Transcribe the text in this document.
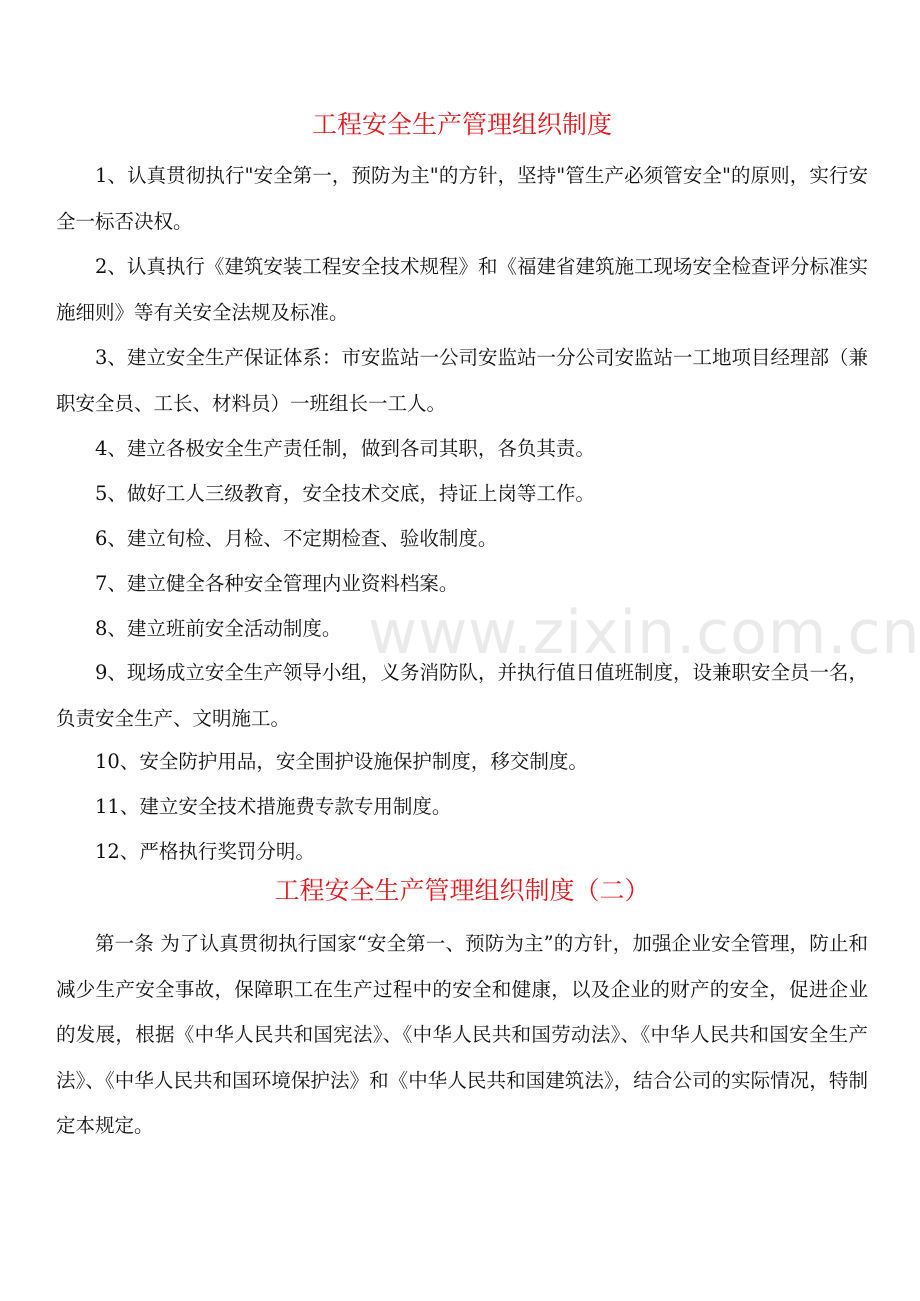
工程安全生产管理组织制度

1、认真贯彻执行"安全第一，预防为主"的方针，坚持"管生产必须管安全"的原则，实行安全一标否决权。

2、认真执行《建筑安装工程安全技术规程》和《福建省建筑施工现场安全检查评分标准实施细则》等有关安全法规及标准。

3、建立安全生产保证体系：市安监站一公司安监站一分公司安监站一工地项目经理部（兼职安全员、工长、材料员）一班组长一工人。

4、建立各极安全生产责任制，做到各司其职，各负其责。

5、做好工人三级教育，安全技术交底，持证上岗等工作。

6、建立旬检、月检、不定期检查、验收制度。

7、建立健全各种安全管理内业资料档案。

8、建立班前安全活动制度。

9、现场成立安全生产领导小组，义务消防队，并执行值日值班制度，设兼职安全员一名，负责安全生产、文明施工。

10、安全防护用品，安全围护设施保护制度，移交制度。

11、建立安全技术措施费专款专用制度。

12、严格执行奖罚分明。

工程安全生产管理组织制度（二）

第一条 为了认真贯彻执行国家“安全第一、预防为主”的方针，加强企业安全管理，防止和减少生产安全事故，保障职工在生产过程中的安全和健康，以及企业的财产的安全，促进企业的发展，根据《中华人民共和国宪法》、《中华人民共和国劳动法》、《中华人民共和国安全生产法》、《中华人民共和国环境保护法》和《中华人民共和国建筑法》，结合公司的实际情况，特制定本规定。

www.zixin.com.cn
